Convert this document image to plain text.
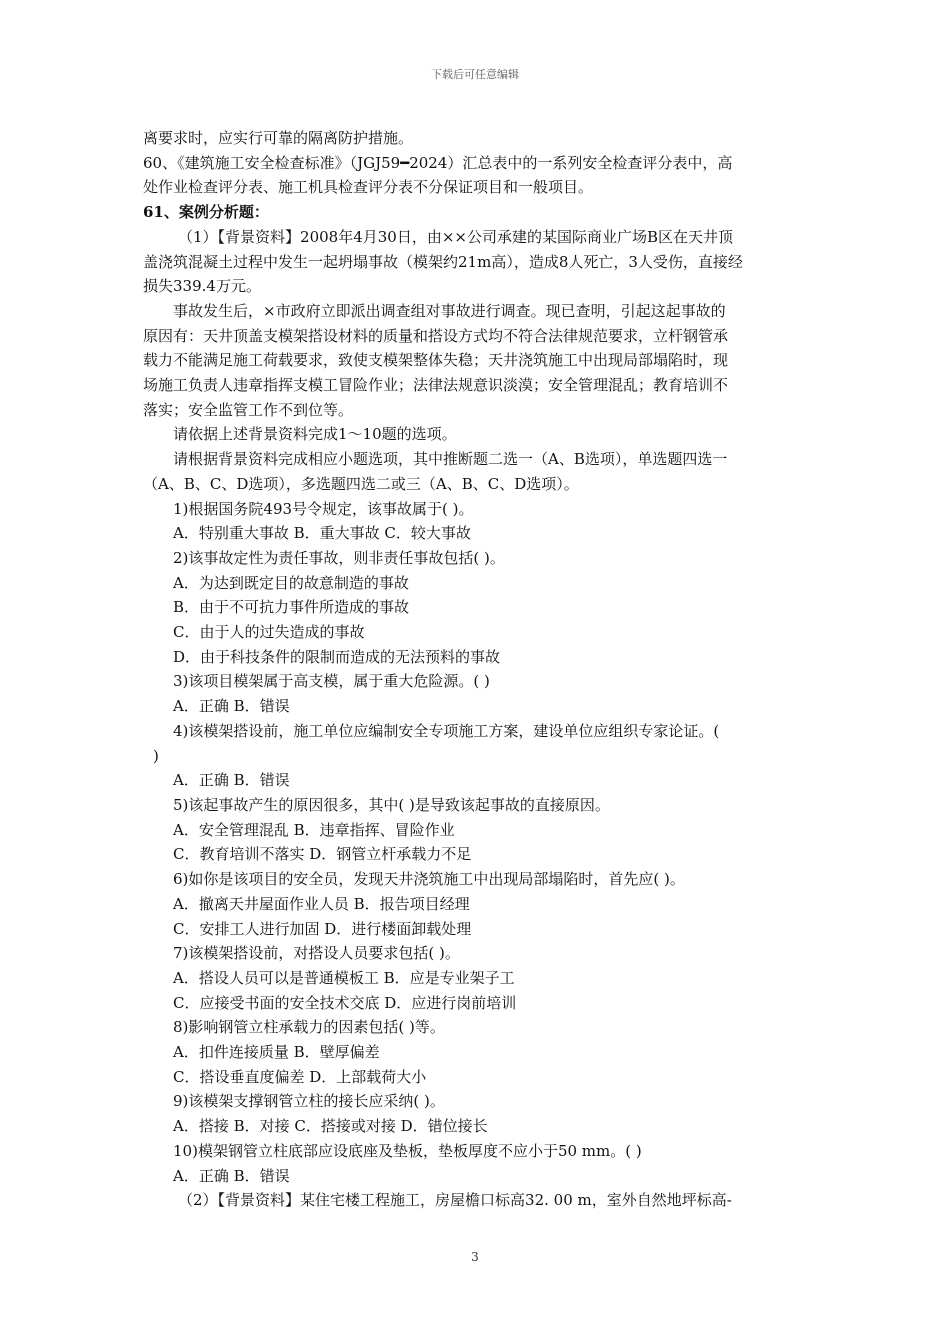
下载后可任意编辑
离要求时，应实行可靠的隔离防护措施。
60、《建筑施工安全检查标准》（JGJ59━2024）汇总表中的一系列安全检查评分表中，高
处作业检查评分表、施工机具检查评分表不分保证项目和一般项目。
61、案例分析题：
（1）【背景资料】2008年4月30日，由××公司承建的某国际商业广场B区在天井顶
盖浇筑混凝土过程中发生一起坍塌事故（模架约21m高），造成8人死亡，3人受伤，直接经
损失339.4万元。
事故发生后，×市政府立即派出调查组对事故进行调查。现已查明，引起这起事故的
原因有：天井顶盖支模架搭设材料的质量和搭设方式均不符合法律规范要求，立杆钢管承
载力不能满足施工荷载要求，致使支模架整体失稳；天井浇筑施工中出现局部塌陷时，现
场施工负责人违章指挥支模工冒险作业；法律法规意识淡漠；安全管理混乱；教育培训不
落实；安全监管工作不到位等。
请依据上述背景资料完成1～10题的选项。
请根据背景资料完成相应小题选项，其中推断题二选一（A、B选项），单选题四选一
（A、B、C、D选项），多选题四选二或三（A、B、C、D选项）。
1)根据国务院493号令规定，该事故属于( )。
A．特别重大事故 B．重大事故 C．较大事故
2)该事故定性为责任事故，则非责任事故包括( )。
A．为达到既定目的故意制造的事故
B．由于不可抗力事件所造成的事故
C．由于人的过失造成的事故
D．由于科技条件的限制而造成的无法预料的事故
3)该项目模架属于高支模，属于重大危险源。( )
A．正确 B．错误
4)该模架搭设前，施工单位应编制安全专项施工方案，建设单位应组织专家论证。(
)
A．正确 B．错误
5)该起事故产生的原因很多，其中( )是导致该起事故的直接原因。
A．安全管理混乱 B．违章指挥、冒险作业
C．教育培训不落实 D．钢管立杆承载力不足
6)如你是该项目的安全员，发现天井浇筑施工中出现局部塌陷时，首先应( )。
A．撤离天井屋面作业人员 B．报告项目经理
C．安排工人进行加固 D．进行楼面卸载处理
7)该模架搭设前，对搭设人员要求包括( )。
A．搭设人员可以是普通模板工 B．应是专业架子工
C．应接受书面的安全技术交底 D．应进行岗前培训
8)影响钢管立柱承载力的因素包括( )等。
A．扣件连接质量 B．壁厚偏差
C．搭设垂直度偏差 D．上部载荷大小
9)该模架支撑钢管立柱的接长应采纳( )。
A．搭接 B．对接 C．搭接或对接 D．错位接长
10)模架钢管立柱底部应设底座及垫板，垫板厚度不应小于50 mm。( )
A．正确 B．错误
（2）【背景资料】某住宅楼工程施工，房屋檐口标高32. 00 m，室外自然地坪标高-
3
